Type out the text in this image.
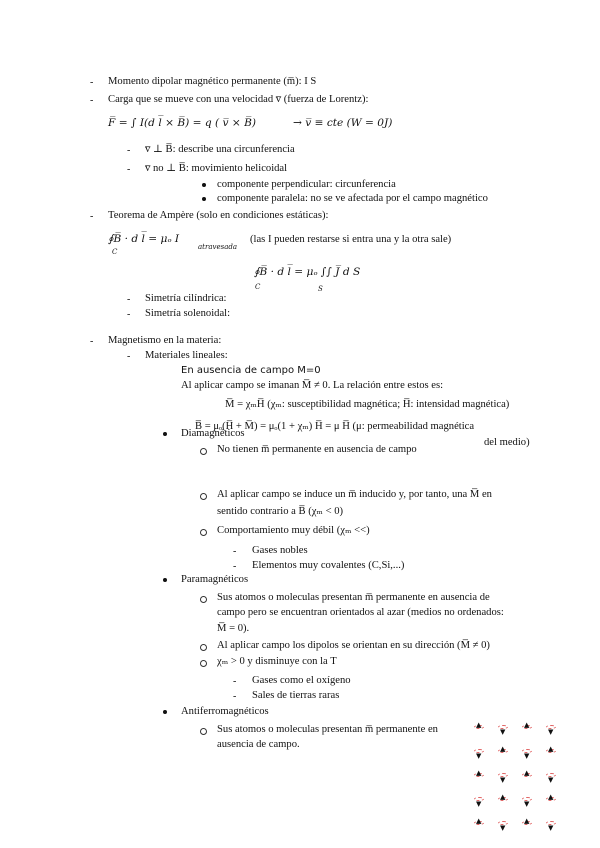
-
-
-
-
-
-
-
-
-
-
-
-
-
Momento dipolar magnético permanente (m̅): I S
Carga que se mueve con una velocidad v̅ (fuerza de Lorentz):
F̅ = ∫ I(d l̅ × B̅) = q ( v̅ × B̅)	→ v̅ ≡ cte (W = 0J)
v̅ ⊥ B̅: describe una circunferencia
v̅ no ⊥ B̅: movimiento helicoidal
componente perpendicular: circunferencia
componente paralela: no se ve afectada por el campo magnético
Teorema de Ampère (solo en condiciones estáticas):
∮B̅ · d l̅ = μₒ I
atravesada
C
(las I pueden restarse si entra una y la otra sale)
∮B̅ · d l̅ = μₒ ∫∫ J̅ d S
C	S
Simetría cilíndrica:
Simetría solenoidal:
Magnetismo en la materia:
Materiales lineales:
En ausencia de campo M=0
Al aplicar campo se imanan M̅ ≠ 0. La relación entre estos es:
M̅ = χₘH̅ (χₘ: susceptibilidad magnética; H̅: intensidad magnética)
B̅ = μₒ(H̅ + M̅) = μₒ(1 + χₘ) H̅ = μ H̅ (μ: permeabilidad magnética
del medio)
Diamagnéticos
No tienen m̅ permanente en ausencia de campo
Al aplicar campo se induce un m̅ inducido y, por tanto, una M̅ en
sentido contrario a B̅ (χₘ < 0)
Comportamiento muy débil (χₘ <<)
Gases nobles
Elementos muy covalentes (C,Si,...)
Paramagnéticos
Sus atomos o moleculas presentan m̅ permanente en ausencia de
campo pero se encuentran orientados al azar (medios no ordenados:
M̅ = 0).
Al aplicar campo los dipolos se orientan en su dirección (M̅ ≠ 0)
χₘ > 0 y disminuye con la T
Gases como el oxígeno
Sales de tierras raras
Antiferromagnéticos
Sus atomos o moleculas presentan m̅ permanente en
ausencia de campo.
▲
▼
▲
▼
▼
▲
▼
▲
▲
▼
▲
▼
▼
▲
▼
▲
▲
▼
▲
▼
